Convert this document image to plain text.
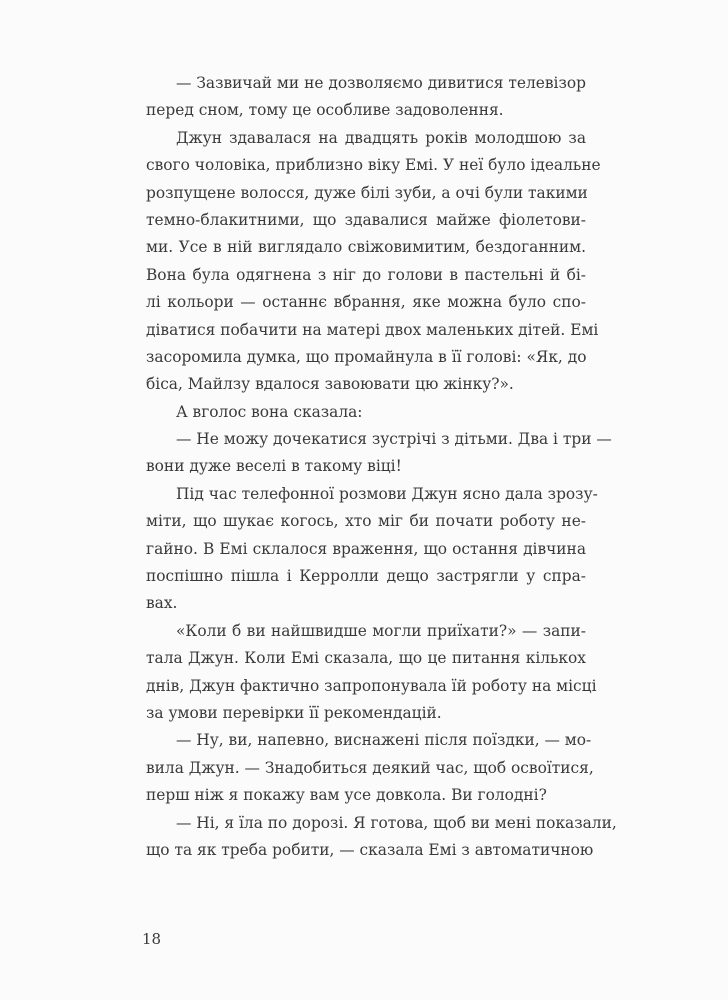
— Зазвичай ми не дозволяємо дивитися телевізор
перед сном, тому це особливе задоволення.
Джун здавалася на двадцять років молодшою за
свого чоловіка, приблизно віку Емі. У неї було ідеальне
розпущене волосся, дуже білі зуби, а очі були такими
темно-блакитними, що здавалися майже фіолетови-
ми. Усе в ній виглядало свіжовимитим, бездоганним.
Вона була одягнена з ніг до голови в пастельні й бі-
лі кольори — останнє вбрання, яке можна було спо-
діватися побачити на матері двох маленьких дітей. Емі
засоромила думка, що промайнула в її голові: «Як, до
біса, Майлзу вдалося завоювати цю жінку?».
А вголос вона сказала:
— Не можу дочекатися зустрічі з дітьми. Два і три —
вони дуже веселі в такому віці!
Під час телефонної розмови Джун ясно дала зрозу-
міти, що шукає когось, хто міг би почати роботу не-
гайно. В Емі склалося враження, що остання дівчина
поспішно пішла і Керролли дещо застрягли у спра-
вах.
«Коли б ви найшвидше могли приїхати?» — запи-
тала Джун. Коли Емі сказала, що це питання кількох
днів, Джун фактично запропонувала їй роботу на місці
за умови перевірки її рекомендацій.
— Ну, ви, напевно, виснажені після поїздки, — мо-
вила Джун. — Знадобиться деякий час, щоб освоїтися,
перш ніж я покажу вам усе довкола. Ви голодні?
— Ні, я їла по дорозі. Я готова, щоб ви мені показали,
що та як треба робити, — сказала Емі з автоматичною
18
